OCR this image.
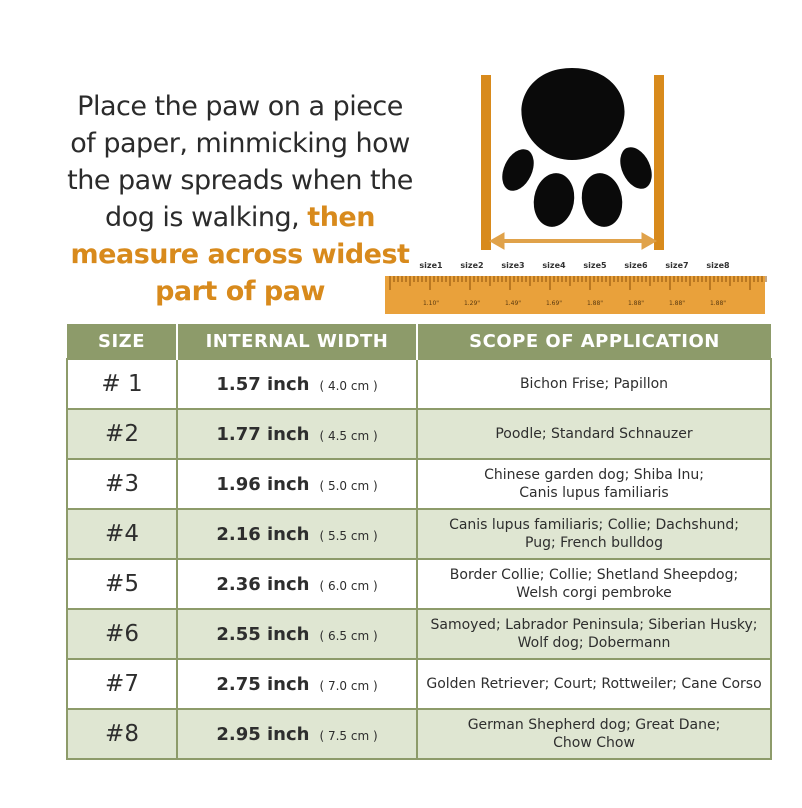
Place the paw on a piece
of paper, minmicking how
the paw spreads when the
dog is walking, then
measure across widest
part of paw
size1 size2 size3 size4 size5 size6 size7 size8
1.10"	1.29"	1.49"	1.69"	1.88"	1.88"	1.88"	1.88"
SIZE	INTERNAL WIDTH	SCOPE OF APPLICATION
# 1	1.57 inch ( 4.0 cm )	Bichon Frise; Papillon

#2	1.77 inch ( 4.5 cm )	Poodle; Standard Schnauzer

#3	1.96 inch ( 5.0 cm )	Chinese garden dog; Shiba Inu;
Canis lupus familiaris

#4	2.16 inch ( 5.5 cm )	Canis lupus familiaris; Collie; Dachshund;
Pug; French bulldog

#5	2.36 inch ( 6.0 cm )	Border Collie; Collie; Shetland Sheepdog;
Welsh corgi pembroke

#6	2.55 inch ( 6.5 cm )	Samoyed; Labrador Peninsula; Siberian Husky;
Wolf dog; Dobermann

#7	2.75 inch ( 7.0 cm )	Golden Retriever; Court; Rottweiler; Cane Corso

#8	2.95 inch ( 7.5 cm )	German Shepherd dog; Great Dane;
Chow Chow
